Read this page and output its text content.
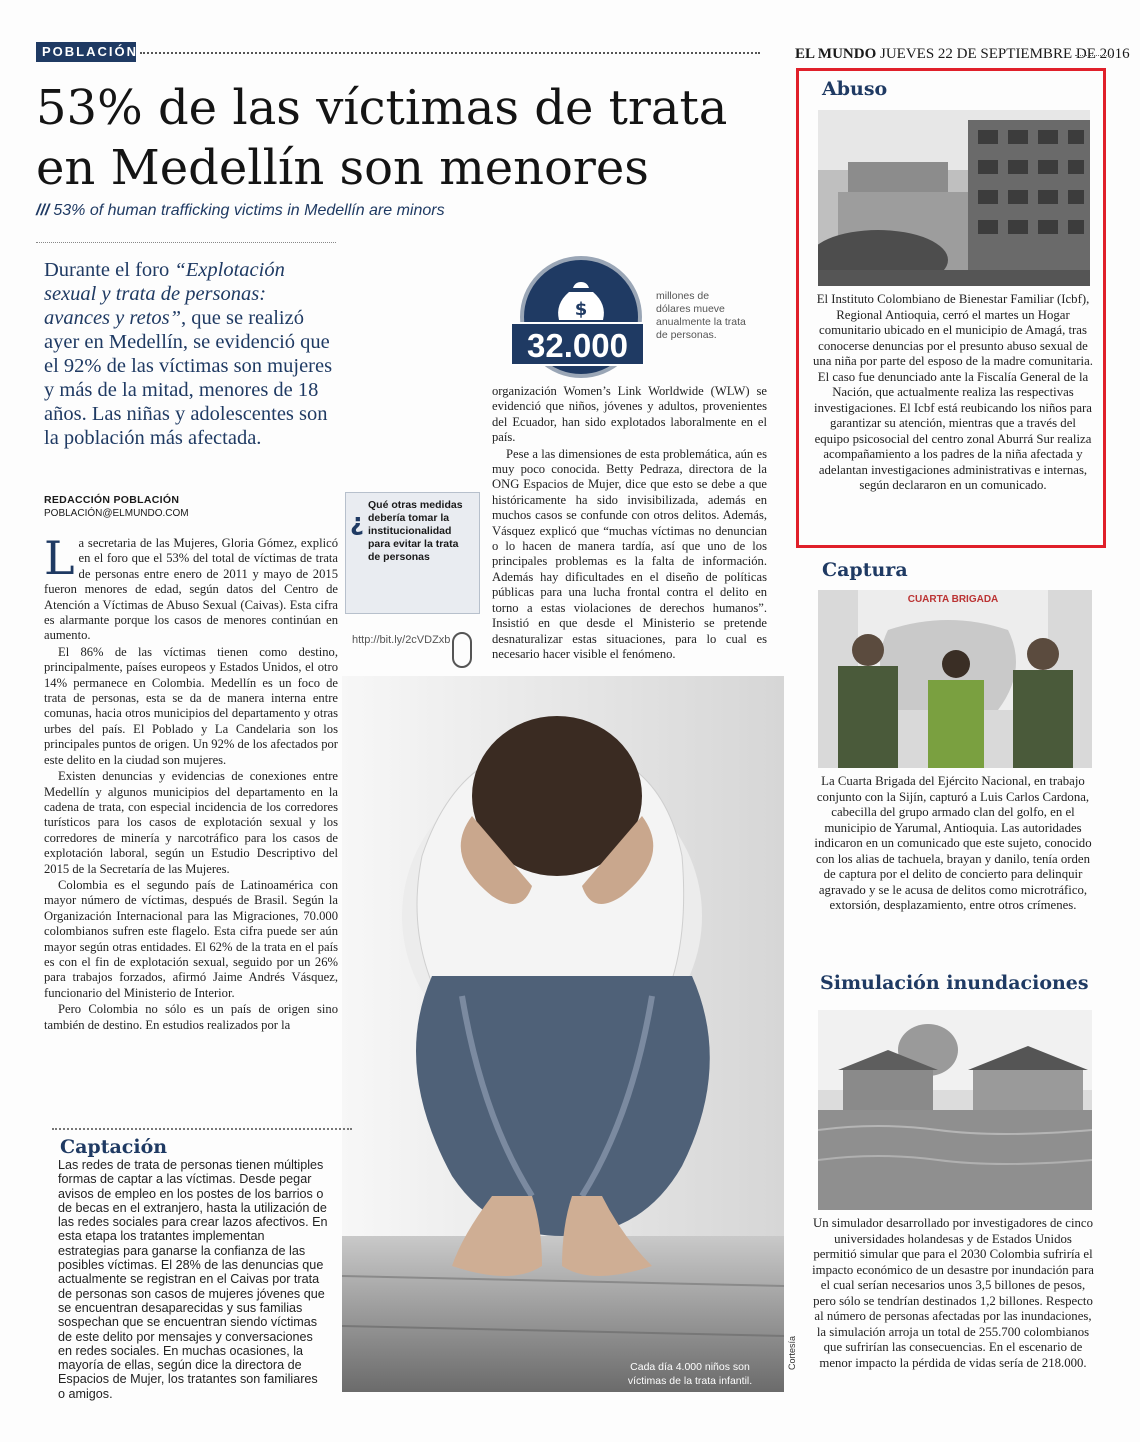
POBLACIÓN	EL MUNDO JUEVES 22 DE SEPTIEMBRE DE 2016
53% de las víctimas de trata
en Medellín son menores
/// 53% of human trafficking victims in Medellín are minors
Durante el foro “Explotación sexual y trata de personas: avances y retos”, que se realizó ayer en Medellín, se evidenció que el 92% de las víctimas son mujeres y más de la mitad, menores de 18 años. Las niñas y adolescentes son la población más afectada.
$
32.000
millones de dólares mueve anualmente la trata de personas.
REDACCIÓN POBLACIÓN
POBLACIÓN@ELMUNDO.COM

La secretaria de las Mujeres, Gloria Gómez, explicó en el foro que el 53% del total de víctimas de trata de personas entre enero de 2011 y mayo de 2015 fueron menores de edad, según datos del Centro de Atención a Víctimas de Abuso Sexual (Caivas). Esta cifra es alarmante porque los casos de menores continúan en aumento.

El 86% de las víctimas tienen como destino, principalmente, países europeos y Estados Unidos, el otro 14% permanece en Colombia. Medellín es un foco de trata de personas, esta se da de manera interna entre comunas, hacia otros municipios del departamento y otras urbes del país. El Poblado y La Candelaria son los principales puntos de origen. Un 92% de los afectados por este delito en la ciudad son mujeres.

Existen denuncias y evidencias de conexiones entre Medellín y algunos municipios del departamento en la cadena de trata, con especial incidencia de los corredores turísticos para los casos de explotación sexual y los corredores de minería y narcotráfico para los casos de explotación laboral, según un Estudio Descriptivo del 2015 de la Secretaría de las Mujeres.

Colombia es el segundo país de Latinoamérica con mayor número de víctimas, después de Brasil. Según la Organización Internacional para las Migraciones, 70.000 colombianos sufren este flagelo. Esta cifra puede ser aún mayor según otras entidades. El 62% de la trata en el país es con el fin de explotación sexual, seguido por un 26% para trabajos forzados, afirmó Jaime Andrés Vásquez, funcionario del Ministerio de Interior.

Pero Colombia no sólo es un país de origen sino también de destino. En estudios realizados por la

organización Women’s Link Worldwide (WLW) se evidenció que niños, jóvenes y adultos, provenientes del Ecuador, han sido explotados laboralmente en el país.

Pese a las dimensiones de esta problemática, aún es muy poco conocida. Betty Pedraza, directora de la ONG Espacios de Mujer, dice que esto se debe a que históricamente ha sido invisibilizada, además en muchos casos se confunde con otros delitos. Además, Vásquez explicó que “muchas víctimas no denuncian o lo hacen de manera tardía, así que uno de los principales problemas es la falta de información. Además hay dificultades en el diseño de políticas públicas para una lucha frontal contra el delito en torno a estas violaciones de derechos humanos”. Insistió en que desde el Ministerio se pretende desnaturalizar estas situaciones, para lo cual es necesario hacer visible el fenómeno.

Qué otras medidas debería tomar la institucionalidad para evitar la trata de personas
¿
http://bit.ly/2cVDZxb
Cada día 4.000 niños son víctimas de la trata infantil.
Cortesía
Captación
Las redes de trata de personas tienen múltiples formas de captar a las víctimas. Desde pegar avisos de empleo en los postes de los barrios o de becas en el extranjero, hasta la utilización de las redes sociales para crear lazos afectivos. En esta etapa los tratantes implementan estrategias para ganarse la confianza de las posibles víctimas. El 28% de las denuncias que actualmente se registran en el Caivas por trata de personas son casos de mujeres jóvenes que se encuentran desaparecidas y sus familias sospechan que se encuentran siendo víctimas de este delito por mensajes y conversaciones en redes sociales. En muchas ocasiones, la mayoría de ellas, según dice la directora de Espacios de Mujer, los tratantes son familiares o amigos.
Abuso
El Instituto Colombiano de Bienestar Familiar (Icbf), Regional Antioquia, cerró el martes un Hogar comunitario ubicado en el municipio de Amagá, tras conocerse denuncias por el presunto abuso sexual de una niña por parte del esposo de la madre comunitaria. El caso fue denunciado ante la Fiscalía General de la Nación, que actualmente realiza las respectivas investigaciones. El Icbf está reubicando los niños para garantizar su atención, mientras que a través del equipo psicosocial del centro zonal Aburrá Sur realiza acompañamiento a los padres de la niña afectada y adelantan investigaciones administrativas e internas, según declararon en un comunicado.
Captura
CUARTA BRIGADA
La Cuarta Brigada del Ejército Nacional, en trabajo conjunto con la Sijín, capturó a Luis Carlos Cardona, cabecilla del grupo armado clan del golfo, en el municipio de Yarumal, Antioquia. Las autoridades indicaron en un comunicado que este sujeto, conocido con los alias de tachuela, brayan y danilo, tenía orden de captura por el delito de concierto para delinquir agravado y se le acusa de delitos como microtráfico, extorsión, desplazamiento, entre otros crímenes.
Simulación inundaciones
Un simulador desarrollado por investigadores de cinco universidades holandesas y de Estados Unidos permitió simular que para el 2030 Colombia sufriría el impacto económico de un desastre por inundación para el cual serían necesarios unos 3,5 billones de pesos, pero sólo se tendrían destinados 1,2 billones. Respecto al número de personas afectadas por las inundaciones, la simulación arroja un total de 255.700 colombianos que sufrirían las consecuencias. En el escenario de menor impacto la pérdida de vidas sería de 218.000.
